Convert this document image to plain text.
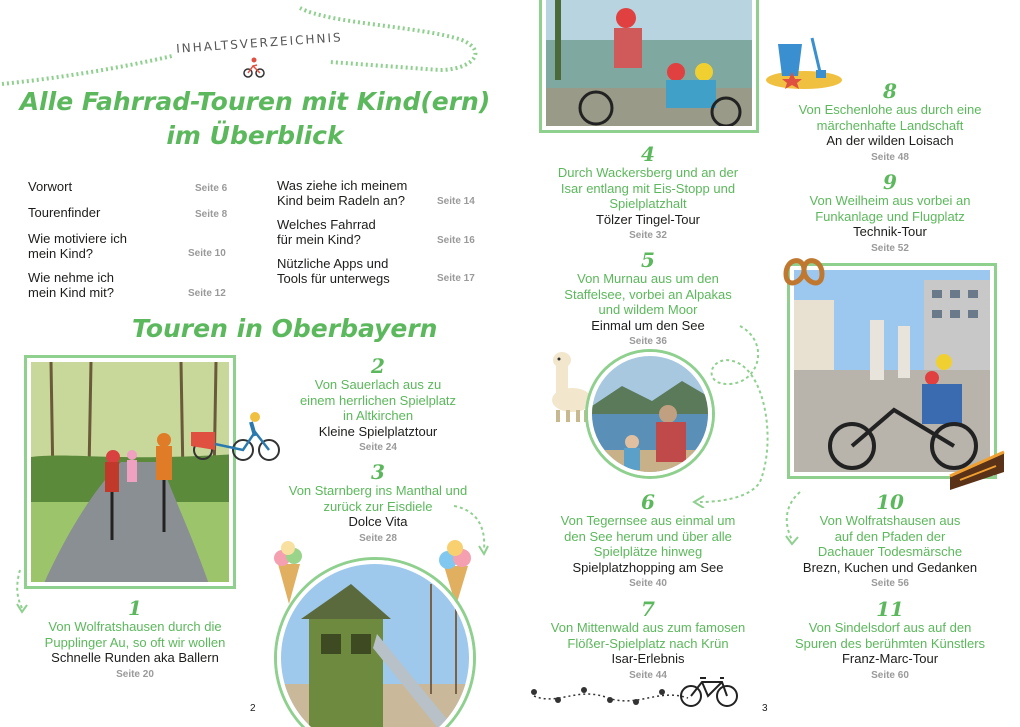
INHALTSVERZEICHNIS
Alle Fahrrad-Touren mit Kind(ern)
im Überblick
Vorwort	Seite 6
Tourenfinder	Seite 8
Wie motiviere ich
mein Kind?	Seite 10
Wie nehme ich
mein Kind mit?	Seite 12
Was ziehe ich meinem
Kind beim Radeln an?	Seite 14
Welches Fahrrad
für mein Kind?	Seite 16
Nützliche Apps und
Tools für unterwegs	Seite 17
Touren in Oberbayern
1
Von Wolfratshausen durch die
Pupplinger Au, so oft wir wollen
Schnelle Runden aka Ballern
Seite 20
2
Von Sauerlach aus zu
einem herrlichen Spielplatz
in Altkirchen
Kleine Spielplatztour
Seite 24
3
Von Starnberg ins Manthal und
zurück zur Eisdiele
Dolce Vita
Seite 28
2
4
Durch Wackersberg und an der
Isar entlang mit Eis-Stopp und
Spielplatzhalt
Tölzer Tingel-Tour
Seite 32
5
Von Murnau aus um den
Staffelsee, vorbei an Alpakas
und wildem Moor
Einmal um den See
Seite 36
6
Von Tegernsee aus einmal um
den See herum und über alle
Spielplätze hinweg
Spielplatzhopping am See
Seite 40
7
Von Mittenwald aus zum famosen
Flößer-Spielplatz nach Krün
Isar-Erlebnis
Seite 44
8
Von Eschenlohe aus durch eine
märchenhafte Landschaft
An der wilden Loisach
Seite 48
9
Von Weilheim aus vorbei an
Funkanlage und Flugplatz
Technik-Tour
Seite 52
10
Von Wolfratshausen aus
auf den Pfaden der
Dachauer Todesmärsche
Brezn, Kuchen und Gedanken
Seite 56
11
Von Sindelsdorf aus auf den
Spuren des berühmten Künstlers
Franz-Marc-Tour
Seite 60
3
